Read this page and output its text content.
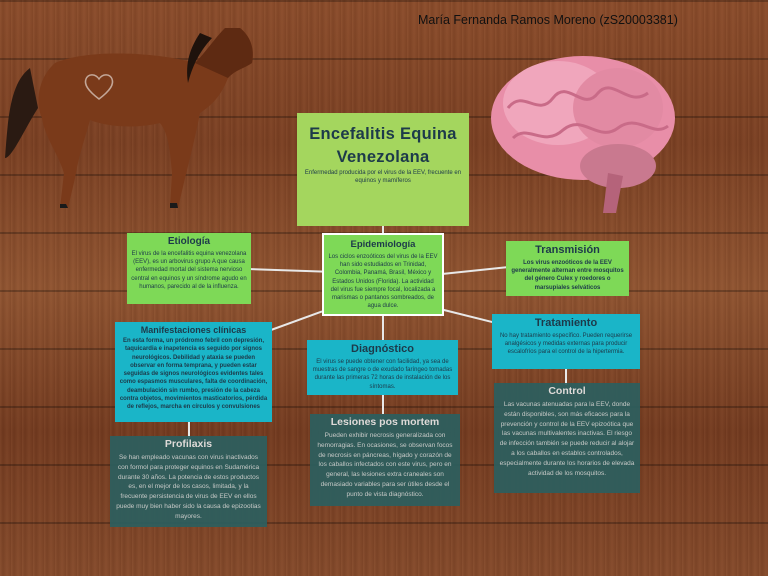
María Fernanda Ramos Moreno (zS20003381)
Encefalitis Equina Venezolana

Enfermedad producida por el virus de la EEV, frecuente en equinos y mamíferos

Etiología

El virus de la encefalitis equina venezolana (EEV), es un arbovirus grupo A que causa enfermedad mortal del sistema nervioso central en equinos y un síndrome agudo en humanos, parecido al de la influenza.

Epidemiología

Los ciclos enzoóticos del virus de la EEV han sido estudiados en Trinidad, Colombia, Panamá, Brasil, México y Estados Unidos (Florida). La actividad del virus fue siempre focal, localizada a marismas o pantanos sombreados, de agua dulce.

Transmisión

Los virus enzoóticos de la EEV generalmente alternan entre mosquitos del género Culex y roedores o marsupiales selváticos

Manifestaciones clínicas

En esta forma, un pródromo febril con depresión, taquicardia e inapetencia es seguido por signos neurológicos. Debilidad y ataxia se pueden observar en forma temprana, y pueden estar seguidas de signos neurológicos evidentes tales como espasmos musculares, falta de coordinación, deambulación sin rumbo, presión de la cabeza contra objetos, movimientos masticatorios, pérdida de reflejos, marcha en círculos y convulsiones

Diagnóstico

El virus se puede obtener con facilidad, ya sea de muestras de sangre o de exudado faríngeo tomadas durante las primeras 72 horas de instalación de los síntomas.

Tratamiento

No hay tratamiento específico. Pueden requerirse analgésicos y medidas externas para producir escalofríos para el control de la hipertermia.

Profilaxis

Se han empleado vacunas con virus inactivados con formol para proteger equinos en Sudamérica durante 30 años. La potencia de estos productos es, en el mejor de los casos, limitada, y la frecuente persistencia de virus de EEV en ellos puede muy bien haber sido la causa de epizootias mayores.

Lesiones pos mortem

Pueden exhibir necrosis generalizada con hemorragias. En ocasiones, se observan focos de necrosis en páncreas, hígado y corazón de los caballos infectados con este virus, pero en general, las lesiones extra craneales son demasiado variables para ser útiles desde el punto de vista diagnóstico.

Control

Las vacunas atenuadas para la EEV, donde están disponibles, son más eficaces para la prevención y control de la EEV epizoótica que las vacunas multivalentes inactivas. El riesgo de infección también se puede reducir al alojar a los caballos en establos controlados, especialmente durante los horarios de elevada actividad de los mosquitos.
